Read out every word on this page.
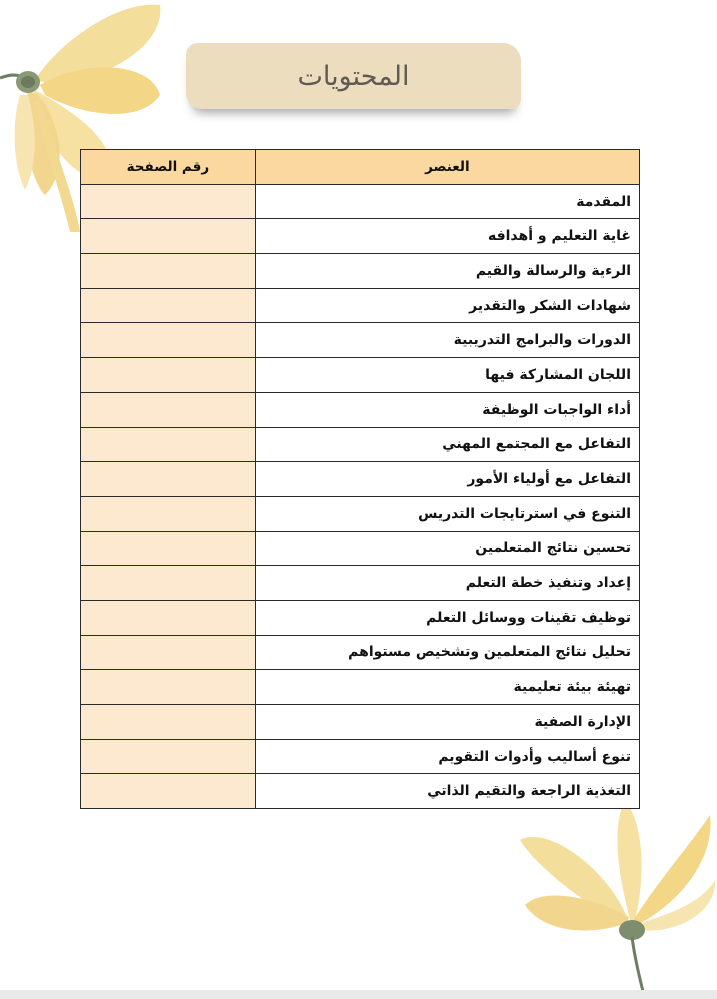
المحتويات
العنصر	رقم الصفحة
المقدمة	
غاية التعليم و أهدافه	
الرءية والرسالة والقيم	
شهادات الشكر والتقدير	
الدورات والبرامج التدريبية	
اللجان المشاركة فيها	
أداء الواجبات الوظيفة	
التفاعل مع المجتمع المهني	
التفاعل مع أولياء الأمور	
التنوع في استرتايجات التدريس	
تحسين نتائج المتعلمين	
إعداد وتنفيذ خطة التعلم	
توظيف تقينات ووسائل التعلم	
تحليل نتائج المتعلمين وتشخيص مستواهم	
تهيئة بيئة تعليمية	
الإدارة الصفية	
تنوع أساليب وأدوات التقويم	
التغذية الراجعة والتقيم الذاتي	
